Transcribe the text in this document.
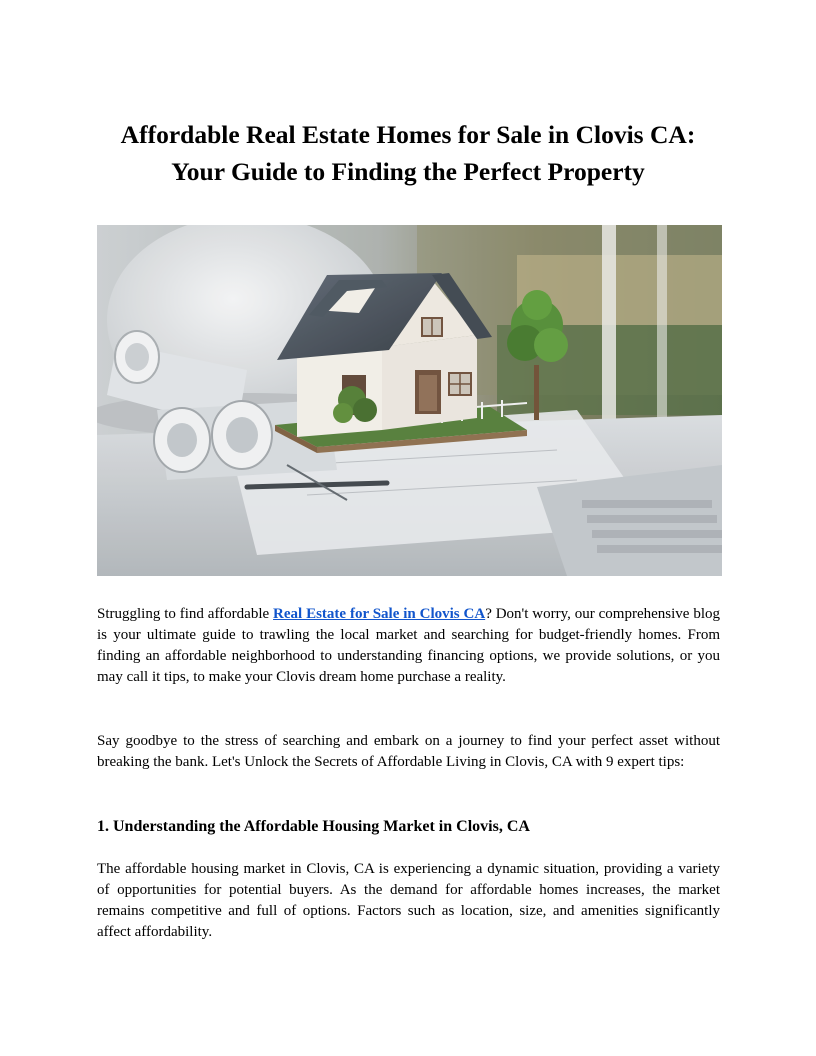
Affordable Real Estate Homes for Sale in Clovis CA:
Your Guide to Finding the Perfect Property

Struggling to find affordable Real Estate for Sale in Clovis CA? Don't worry, our comprehensive blog is your ultimate guide to trawling the local market and searching for budget-friendly homes. From finding an affordable neighborhood to understanding financing options, we provide solutions, or you may call it tips, to make your Clovis dream home purchase a reality.

Say goodbye to the stress of searching and embark on a journey to find your perfect asset without breaking the bank. Let's Unlock the Secrets of Affordable Living in Clovis, CA with 9 expert tips:

1. Understanding the Affordable Housing Market in Clovis, CA

The affordable housing market in Clovis, CA is experiencing a dynamic situation, providing a variety of opportunities for potential buyers. As the demand for affordable homes increases, the market remains competitive and full of options. Factors such as location, size, and amenities significantly affect affordability.
